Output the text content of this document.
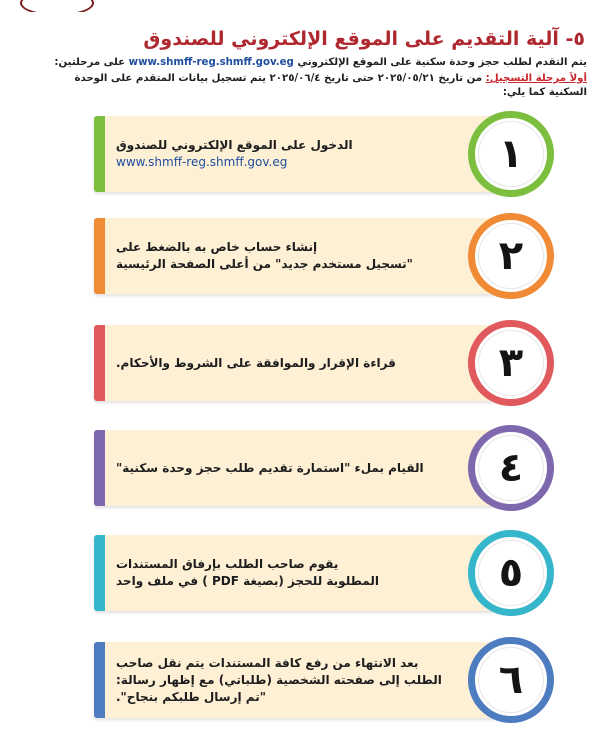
٥- آلية التقديم على الموقع الإلكتروني للصندوق
يتم التقدم لطلب حجز وحدة سكنية على الموقع الإلكتروني www.shmff-reg.shmff.gov.eg على مرحلتين:
أولاً مرحلة التسجيل: من تاريخ ٢٠٢٥/٠٥/٢١ حتى تاريخ ٢٠٢٥/٠٦/٤ يتم تسجيل بيانات المتقدم على الوحدة
السكنية كما يلي:
الدخول على الموقع الإلكتروني للصندوق
www.shmff-reg.shmff.gov.eg	١
إنشاء حساب خاص به بالضغط على
"تسجيل مستخدم جديد" من أعلى الصفحة الرئيسية ٢
قراءة الإقرار والموافقة على الشروط والأحكام.	٣
القيام بملء "استمارة تقديم طلب حجز وحدة سكنية" ٤
يقوم صاحب الطلب بإرفاق المستندات
المطلوبة للحجز (بصيغة PDF ) في ملف واحد	٥
بعد الانتهاء من رفع كافة المستندات يتم نقل صاحب
الطلب إلى صفحته الشخصية (طلباتي) مع إظهار رسالة:
"تم إرسال طلبكم بنجاح".	٦
